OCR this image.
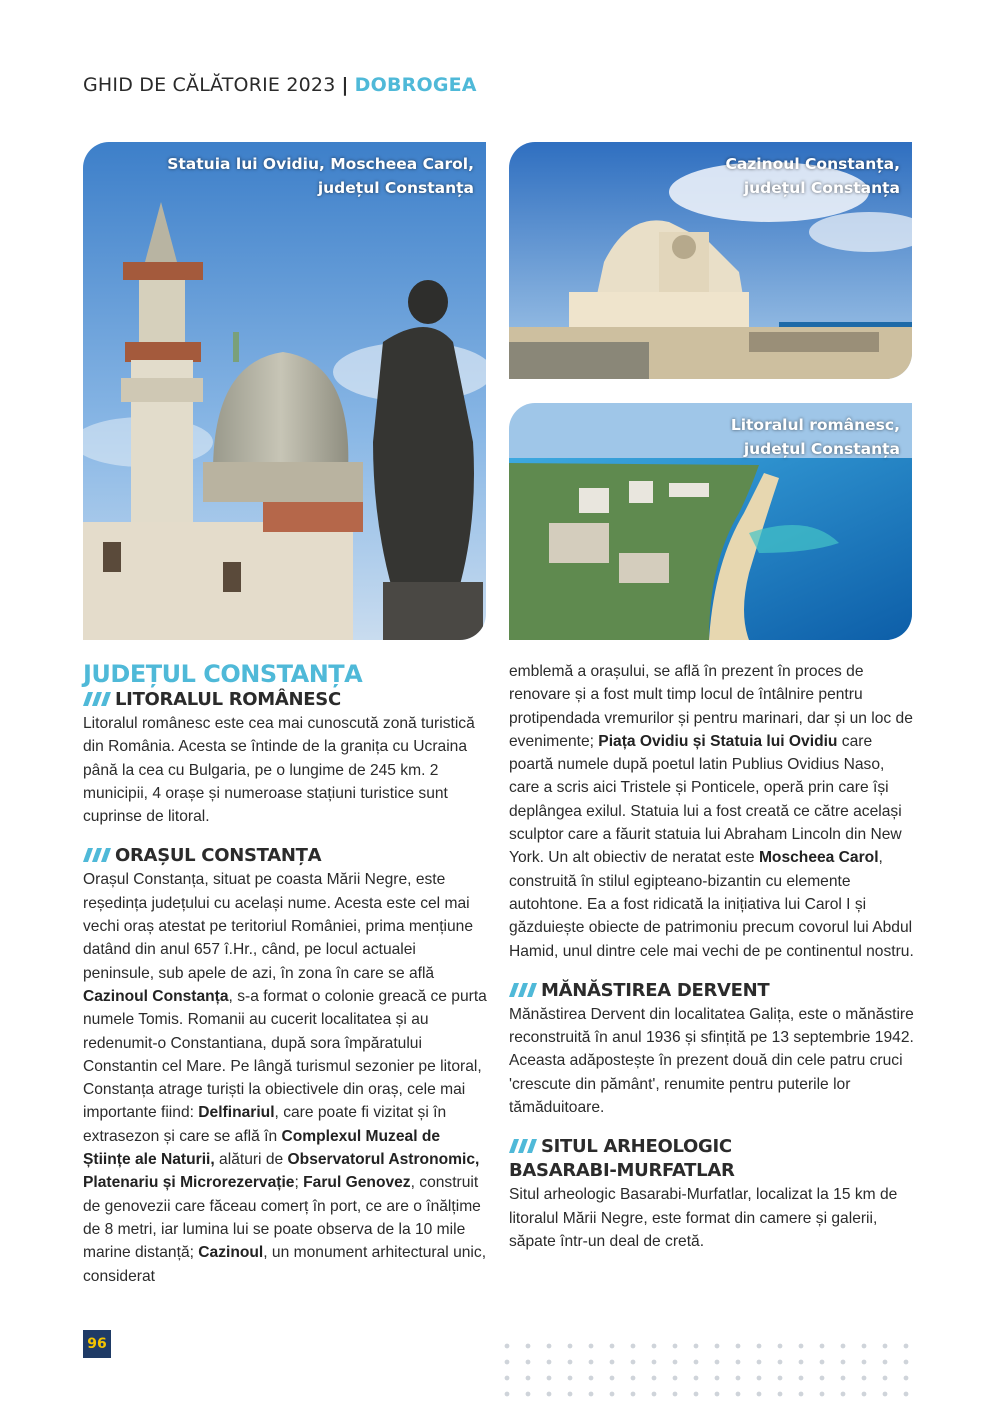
GHID DE CĂLĂTORIE 2023 | DOBROGEA
Statuia lui Ovidiu, Moscheea Carol,
județul Constanța
Cazinoul Constanța,
județul Constanța
Litoralul românesc,
județul Constanța
JUDEȚUL CONSTANȚA
LITORALUL ROMÂNESC

Litoralul românesc este cea mai cunoscută zonă turistică din România. Acesta se întinde de la granița cu Ucraina până la cea cu Bulgaria, pe o lungime de 245 km. 2 municipii, 4 orașe și numeroase stațiuni turistice sunt cuprinse de litoral.

ORAȘUL CONSTANȚA

Orașul Constanța, situat pe coasta Mării Negre, este reședința județului cu același nume. Acesta este cel mai vechi oraș atestat pe teritoriul României, prima mențiune datând din anul 657 î.Hr., când, pe locul actualei peninsule, sub apele de azi, în zona în care se află Cazinoul Constanța, s-a format o colonie greacă ce purta numele Tomis. Romanii au cucerit localitatea și au redenumit-o Constantiana, după sora împăratului Constantin cel Mare. Pe lângă turismul sezonier pe litoral, Constanța atrage turiști la obiectivele din oraș, cele mai importante fiind: Delfinariul, care poate fi vizitat și în extrasezon și care se află în Complexul Muzeal de Științe ale Naturii, alături de Observatorul Astronomic, Platenariu și Microrezervație; Farul Genovez, construit de genovezii care făceau comerț în port, ce are o înălțime de 8 metri, iar lumina lui se poate observa de la 10 mile marine distanță; Cazinoul, un monument arhitectural unic, considerat

emblemă a orașului, se află în prezent în proces de renovare și a fost mult timp locul de întâlnire pentru protipendada vremurilor și pentru marinari, dar și un loc de evenimente; Piața Ovidiu și Statuia lui Ovidiu care poartă numele după poetul latin Publius Ovidius Naso, care a scris aici Tristele și Ponticele, operă prin care își deplângea exilul. Statuia lui a fost creată ce către același sculptor care a făurit statuia lui Abraham Lincoln din New York. Un alt obiectiv de neratat este Moscheea Carol, construită în stilul egipteano-bizantin cu elemente autohtone. Ea a fost ridicată la inițiativa lui Carol I și găzduiește obiecte de patrimoniu precum covorul lui Abdul Hamid, unul dintre cele mai vechi de pe continentul nostru.

MĂNĂSTIREA DERVENT

Mănăstirea Dervent din localitatea Galița, este o mănăstire reconstruită în anul 1936 și sfințită pe 13 septembrie 1942. Aceasta adăpostește în prezent două din cele patru cruci 'crescute din pământ', renumite pentru puterile lor tămăduitoare.

SITUL ARHEOLOGIC
BASARABI-MURFATLAR

Situl arheologic Basarabi-Murfatlar, localizat la 15 km de litoralul Mării Negre, este format din camere și galerii, săpate într-un deal de cretă.

96
